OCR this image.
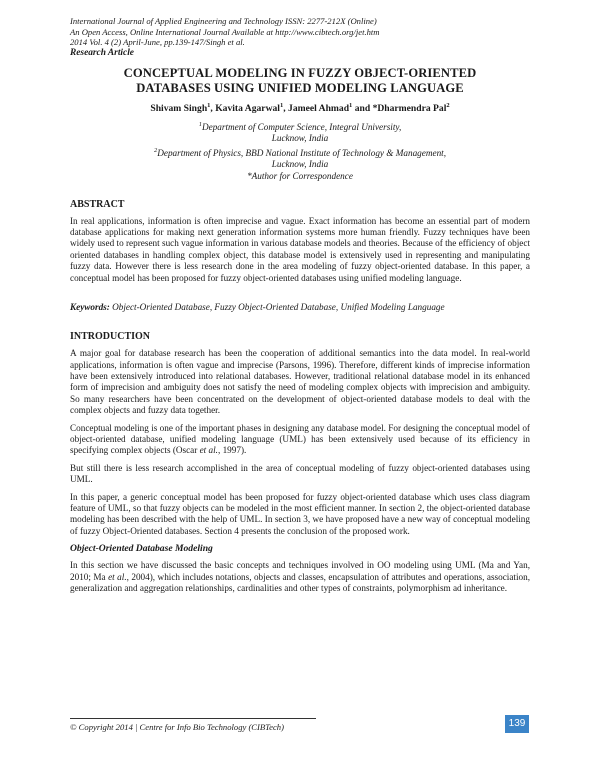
International Journal of Applied Engineering and Technology ISSN: 2277-212X (Online)
An Open Access, Online International Journal Available at http://www.cibtech.org/jet.htm
2014 Vol. 4 (2) April-June, pp.139-147/Singh et al.
Research Article
CONCEPTUAL MODELING IN FUZZY OBJECT-ORIENTED
DATABASES USING UNIFIED MODELING LANGUAGE
Shivam Singh$^1$, Kavita Agarwal$^1$, Jameel Ahmad$^1$ and *Dharmendra Pal$^2$
$^1$Department of Computer Science, Integral University,
Lucknow, India
$^2$Department of Physics, BBD National Institute of Technology & Management,
Lucknow, India
*Author for Correspondence
ABSTRACT

In real applications, information is often imprecise and vague. Exact information has become an essential part of modern database applications for making next generation information systems more human friendly. Fuzzy techniques have been widely used to represent such vague information in various database models and theories. Because of the efficiency of object oriented databases in handling complex object, this database model is extensively used in representing and manipulating fuzzy data. However there is less research done in the area modeling of fuzzy object-oriented database. In this paper, a conceptual model has been proposed for fuzzy object-oriented databases using unified modeling language.

Keywords: Object-Oriented Database, Fuzzy Object-Oriented Database, Unified Modeling Language
INTRODUCTION

A major goal for database research has been the cooperation of additional semantics into the data model. In real-world applications, information is often vague and imprecise (Parsons, 1996). Therefore, different kinds of imprecise information have been extensively introduced into relational databases. However, traditional relational database model in its enhanced form of imprecision and ambiguity does not satisfy the need of modeling complex objects with imprecision and ambiguity. So many researchers have been concentrated on the development of object-oriented database models to deal with the complex objects and fuzzy data together.

Conceptual modeling is one of the important phases in designing any database model. For designing the conceptual model of object-oriented database, unified modeling language (UML) has been extensively used because of its efficiency in specifying complex objects (Oscar et al., 1997).

But still there is less research accomplished in the area of conceptual modeling of fuzzy object-oriented databases using UML.

In this paper, a generic conceptual model has been proposed for fuzzy object-oriented database which uses class diagram feature of UML, so that fuzzy objects can be modeled in the most efficient manner. In section 2, the object-oriented database modeling has been described with the help of UML. In section 3, we have proposed have a new way of conceptual modeling of fuzzy Object-Oriented databases. Section 4 presents the conclusion of the proposed work.

Object-Oriented Database Modeling

In this section we have discussed the basic concepts and techniques involved in OO modeling using UML (Ma and Yan, 2010; Ma et al., 2004), which includes notations, objects and classes, encapsulation of attributes and operations, association, generalization and aggregation relationships, cardinalities and other types of constraints, polymorphism ad inheritance.

© Copyright 2014 | Centre for Info Bio Technology (CIBTech)	139
